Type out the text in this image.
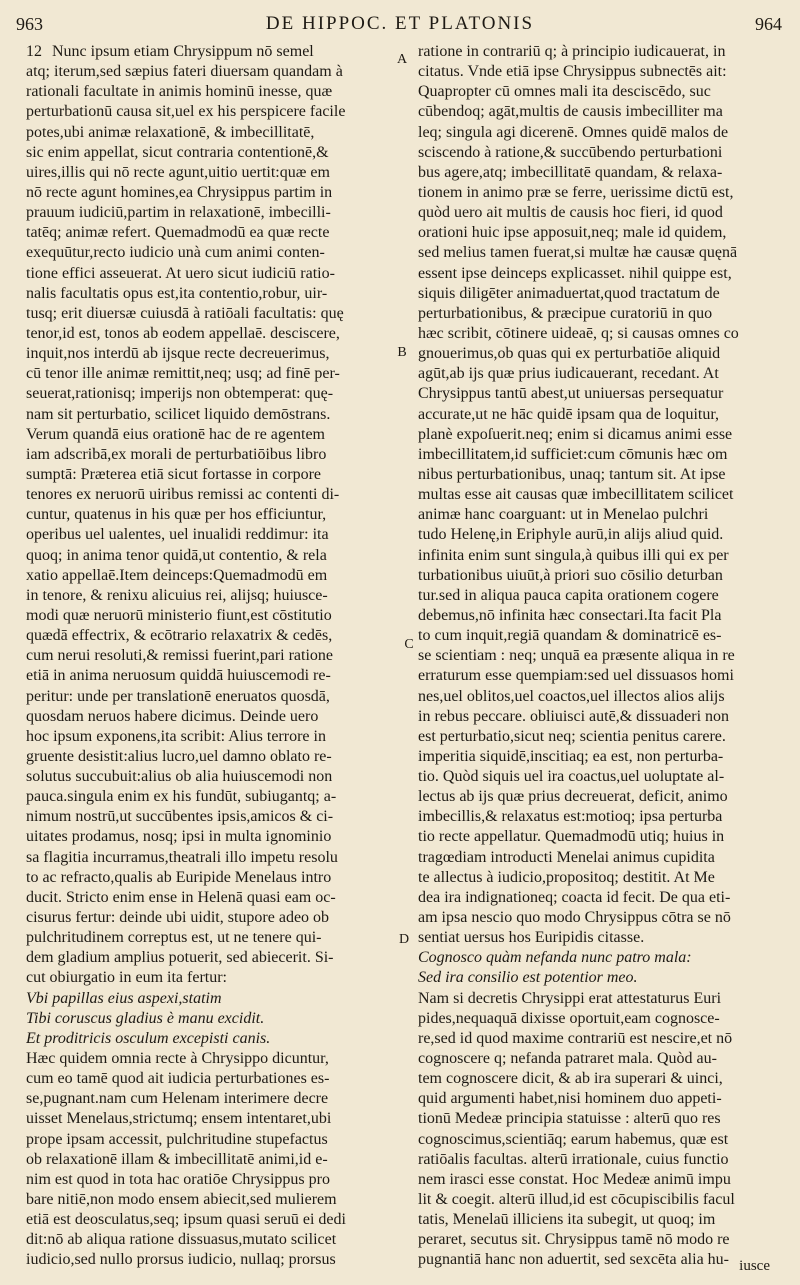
963	DE HIPPOC. ET PLATONIS	964
A
B
C
D
12 Nunc ipsum etiam Chrysippum nō semel
atq; iterum,sed sæpius fateri diuersam quandam à
rationali facultate in animis hominū inesse, quæ
perturbationū causa sit,uel ex his perspicere facile
potes,ubi animæ relaxationē, & imbecillitatē,
sic enim appellat, sicut contraria contentionē,&
uires,illis qui nō recte agunt,uitio uertit:quæ em
nō recte agunt homines,ea Chrysippus partim in
prauum iudiciū,partim in relaxationē, imbecilli-
tatēq; animæ refert. Quemadmodū ea quæ recte
exequūtur,recto iudicio unà cum animi conten-
tione effici asseuerat. At uero sicut iudiciū ratio-
nalis facultatis opus est,ita contentio,robur, uir-
tusq; erit diuersæ cuiusdā à ratiōali facultatis: quę
tenor,id est, tonos ab eodem appellaē. desciscere,
inquit,nos interdū ab ijsque recte decreuerimus,
cū tenor ille animæ remittit,neq; usq; ad finē per-
seuerat,rationisq; imperijs non obtemperat: quę-
nam sit perturbatio, scilicet liquido demōstrans.
Verum quandā eius orationē hac de re agentem
iam adscribā,ex morali de perturbatiōibus libro
sumptā: Præterea etiā sicut fortasse in corpore
tenores ex neruorū uiribus remissi ac contenti di-
cuntur, quatenus in his quæ per hos efficiuntur,
operibus uel ualentes, uel inualidi reddimur: ita
quoq; in anima tenor quidā,ut contentio, & rela
xatio appellaē.Item deinceps:Quemadmodū em
in tenore, & renixu alicuius rei, alijsq; huiusce-
modi quæ neruorū ministerio fiunt,est cōstitutio
quædā effectrix, & ecōtrario relaxatrix & cedēs,
cum nerui resoluti,& remissi fuerint,pari ratione
etiā in anima neruosum quiddā huiuscemodi re-
peritur: unde per translationē eneruatos quosdā,
quosdam neruos habere dicimus. Deinde uero
hoc ipsum exponens,ita scribit: Alius terrore in
gruente desistit:alius lucro,uel damno oblato re-
solutus succubuit:alius ob alia huiuscemodi non
pauca.singula enim ex his fundūt, subiugantq; a-
nimum nostrū,ut succūbentes ipsis,amicos & ci-
uitates prodamus, nosq; ipsi in multa ignominio
sa flagitia incurramus,theatrali illo impetu resolu
to ac refracto,qualis ab Euripide Menelaus intro
ducit. Stricto enim ense in Helenā quasi eam oc-
cisurus fertur: deinde ubi uidit, stupore adeo ob
pulchritudinem correptus est, ut ne tenere qui-
dem gladium amplius potuerit, sed abiecerit. Si-
cut obiurgatio in eum ita fertur:
Vbi papillas eius aspexi,statim
Tibi coruscus gladius è manu excidit.
Et proditricis osculum excepisti canis.
Hæc quidem omnia recte à Chrysippo dicuntur,
cum eo tamē quod ait iudicia perturbationes es-
se,pugnant.nam cum Helenam interimere decre
uisset Menelaus,strictumq; ensem intentaret,ubi
prope ipsam accessit, pulchritudine stupefactus
ob relaxationē illam & imbecillitatē animi,id e-
nim est quod in tota hac oratiōe Chrysippus pro
bare nitiē,non modo ensem abiecit,sed mulierem
etiā est deosculatus,seq; ipsum quasi seruū ei dedi
dit:nō ab aliqua ratione dissuasus,mutato scilicet
iudicio,sed nullo prorsus iudicio, nullaq; prorsus
ratione in contrariū q; à principio iudicauerat, in
citatus. Vnde etiā ipse Chrysippus subnectēs ait:
Quapropter cū omnes mali ita desciscēdo, suc
cūbendoq; agāt,multis de causis imbecilliter ma
leq; singula agi dicerenē. Omnes quidē malos de
sciscendo à ratione,& succūbendo perturbationi
bus agere,atq; imbecillitatē quandam, & relaxa-
tionem in animo præ se ferre, uerissime dictū est,
quòd uero ait multis de causis hoc fieri, id quod
orationi huic ipse apposuit,neq; male id quidem,
sed melius tamen fuerat,si multæ hæ causæ quęnā
essent ipse deinceps explicasset. nihil quippe est,
siquis diligēter animaduertat,quod tractatum de
perturbationibus, & præcipue curatoriū in quo
hæc scribit, cōtinere uideaē, q; si causas omnes co
gnouerimus,ob quas qui ex perturbatiōe aliquid
agūt,ab ijs quæ prius iudicauerant, recedant. At
Chrysippus tantū abest,ut uniuersas persequatur
accurate,ut ne hāc quidē ipsam qua de loquitur,
planè expoſuerit.neq; enim si dicamus animi esse
imbecillitatem,id sufficiet:cum cōmunis hæc om
nibus perturbationibus, unaq; tantum sit. At ipse
multas esse ait causas quæ imbecillitatem scilicet
animæ hanc coarguant: ut in Menelao pulchri
tudo Helenę,in Eriphyle aurū,in alijs aliud quid.
infinita enim sunt singula,à quibus illi qui ex per
turbationibus uiuūt,à priori suo cōsilio deturban
tur.sed in aliqua pauca capita orationem cogere
debemus,nō infinita hæc consectari.Ita facit Pla
to cum inquit,regiā quandam & dominatricē es-
se scientiam : neq; unquā ea præsente aliqua in re
erraturum esse quempiam:sed uel dissuasos homi
nes,uel oblitos,uel coactos,uel illectos alios alijs
in rebus peccare. obliuisci autē,& dissuaderi non
est perturbatio,sicut neq; scientia penitus carere.
imperitia siquidē,inscitiaq; ea est, non perturba-
tio. Quòd siquis uel ira coactus,uel uoluptate al-
lectus ab ijs quæ prius decreuerat, deficit, animo
imbecillis,& relaxatus est:motioq; ipsa perturba
tio recte appellatur. Quemadmodū utiq; huius in
tragœdiam introducti Menelai animus cupidita
te allectus à iudicio,propositoq; destitit. At Me
dea ira indignationeq; coacta id fecit. De qua eti-
am ipsa nescio quo modo Chrysippus cōtra se nō
sentiat uersus hos Euripidis citasse.
Cognosco quàm nefanda nunc patro mala:
Sed ira consilio est potentior meo.
Nam si decretis Chrysippi erat attestaturus Euri
pides,nequaquā dixisse oportuit,eam cognosce-
re,sed id quod maxime contrariū est nescire,et nō
cognoscere q; nefanda patraret mala. Quòd au-
tem cognoscere dicit, & ab ira superari & uinci,
quid argumenti habet,nisi hominem duo appeti-
tionū Medeæ principia statuisse : alterū quo res
cognoscimus,scientiāq; earum habemus, quæ est
ratiōalis facultas. alterū irrationale, cuius functio
nem irasci esse constat. Hoc Medeæ animū impu
lit & coegit. alterū illud,id est cōcupiscibilis facul
tatis, Menelaū illiciens ita subegit, ut quoq; im
peraret, secutus sit. Chrysippus tamē nō modo re
pugnantiā hanc non aduertit, sed sexcēta alia hu- iusce
